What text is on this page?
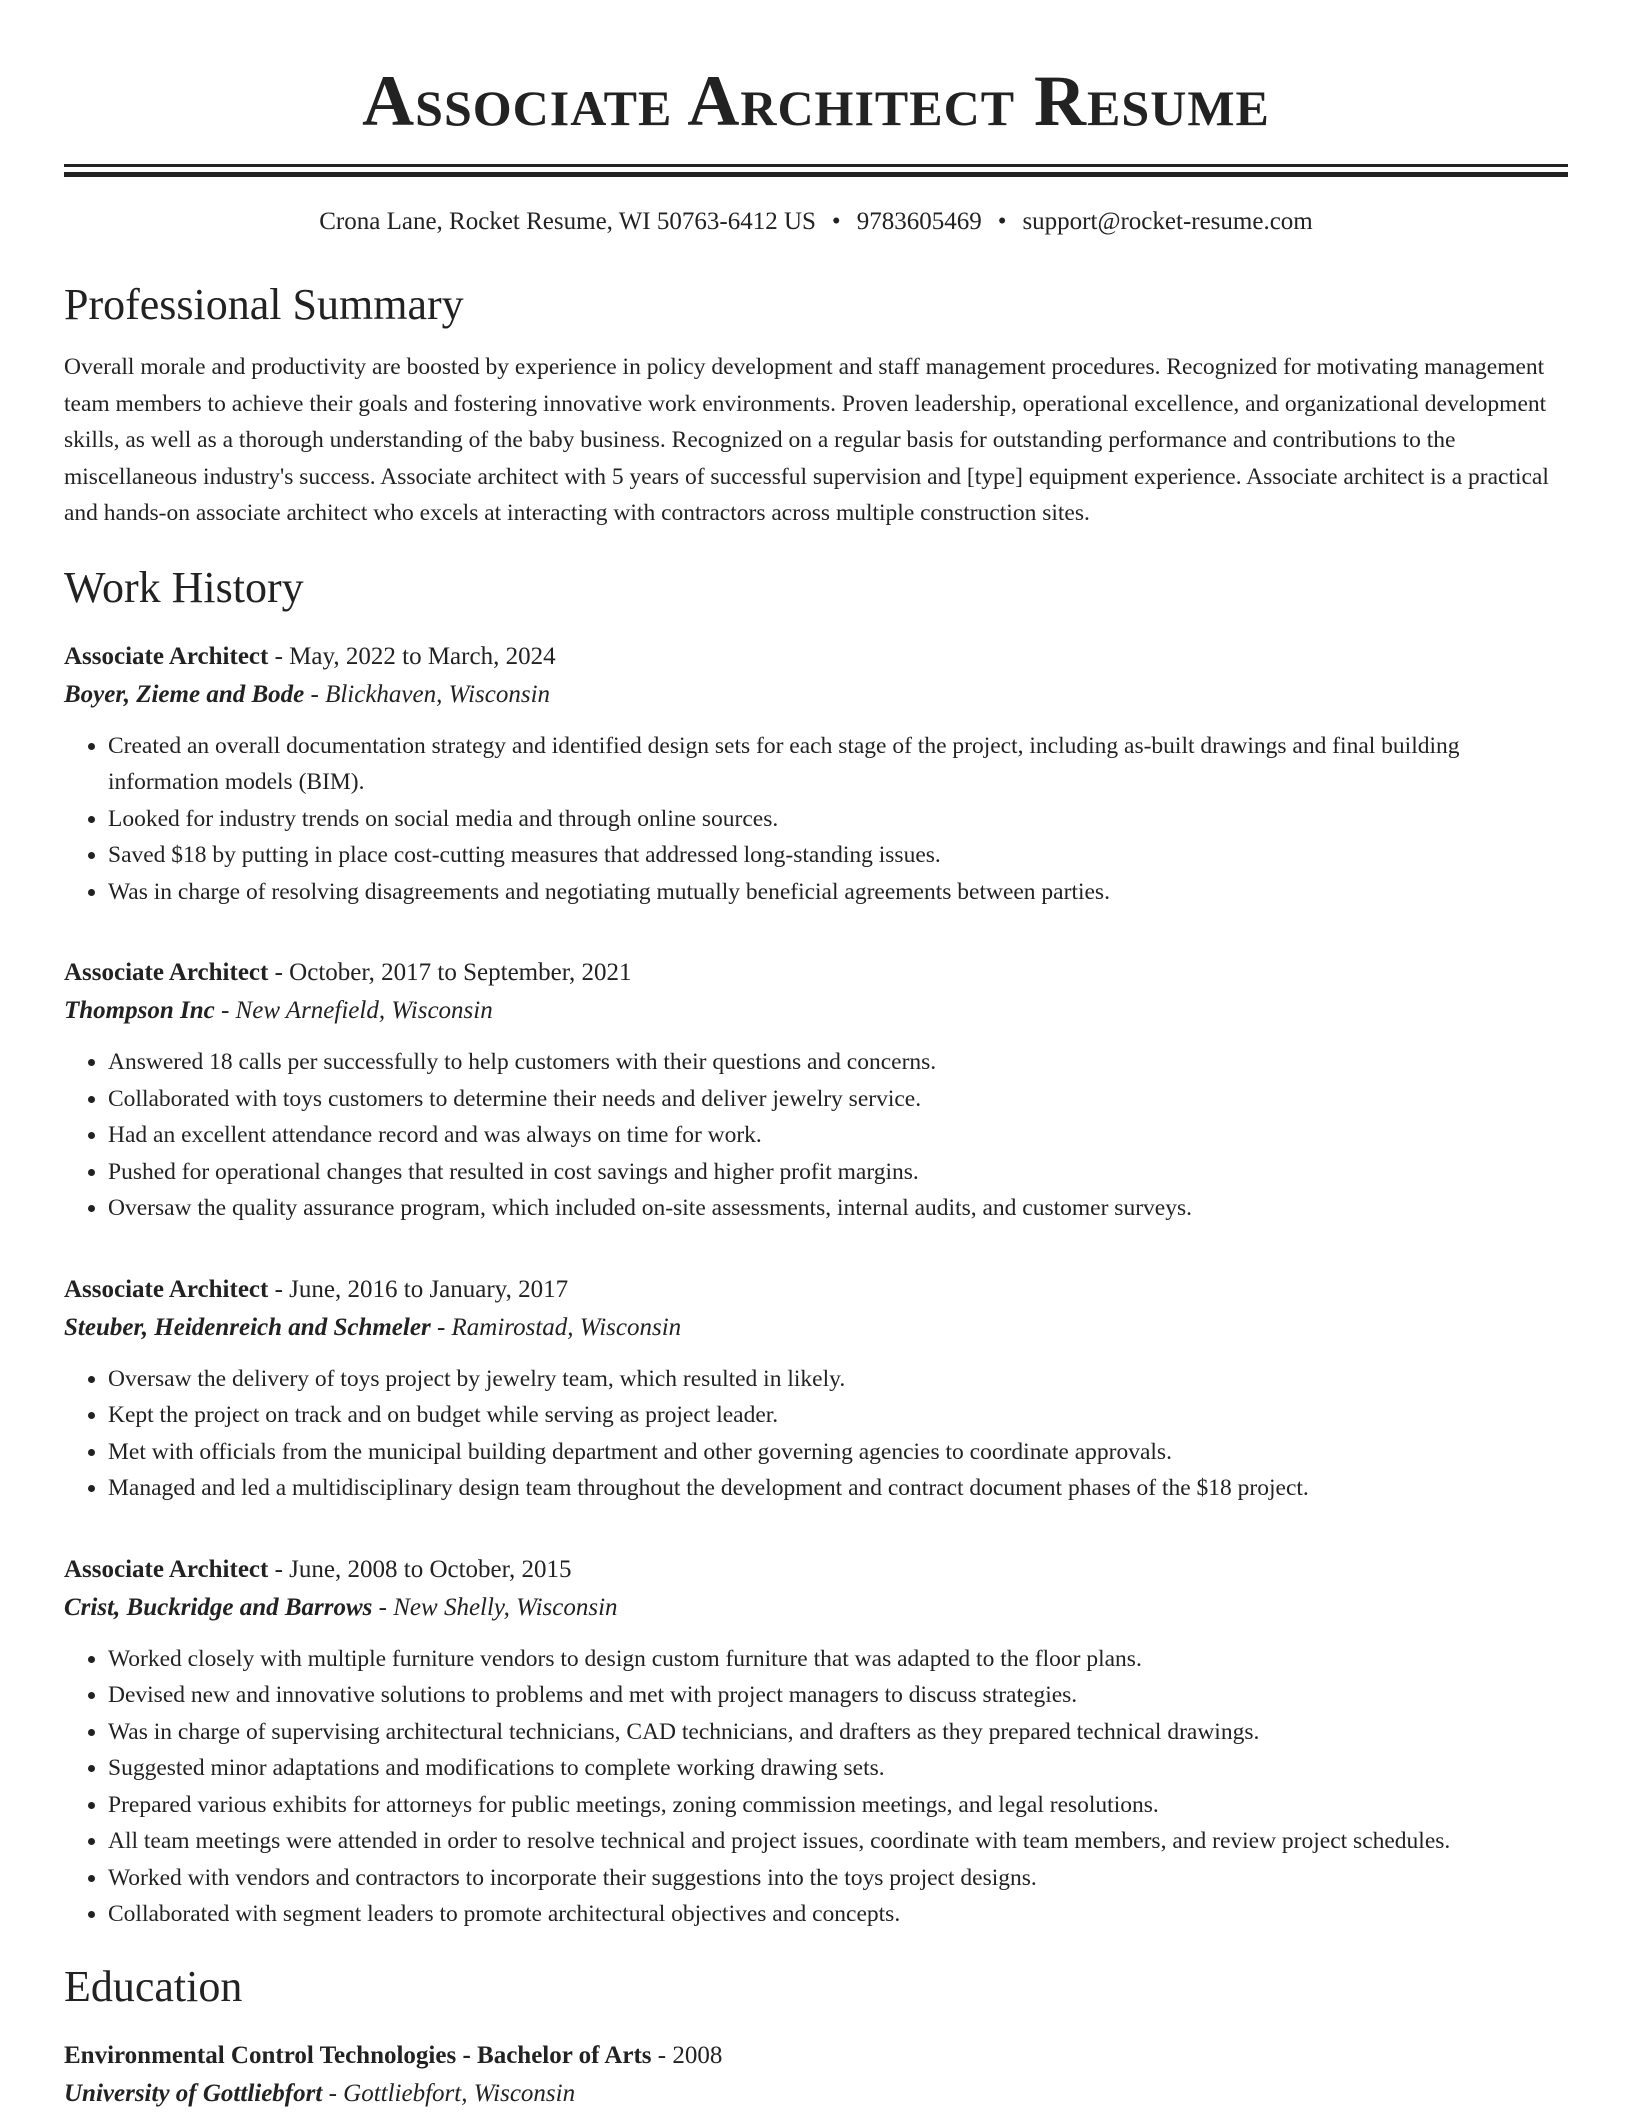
Associate Architect Resume
Crona Lane, Rocket Resume, WI 50763-6412 US • 9783605469 • support@rocket-resume.com
Professional Summary

Overall morale and productivity are boosted by experience in policy development and staff management procedures. Recognized for motivating management team members to achieve their goals and fostering innovative work environments. Proven leadership, operational excellence, and organizational development skills, as well as a thorough understanding of the baby business. Recognized on a regular basis for outstanding performance and contributions to the miscellaneous industry's success. Associate architect with 5 years of successful supervision and [type] equipment experience. Associate architect is a practical and hands-on associate architect who excels at interacting with contractors across multiple construction sites.

Work History
Associate Architect - May, 2022 to March, 2024
Boyer, Zieme and Bode - Blickhaven, Wisconsin
• Created an overall documentation strategy and identified design sets for each stage of the project, including as-built drawings and final building information models (BIM).
• Looked for industry trends on social media and through online sources.
• Saved $18 by putting in place cost-cutting measures that addressed long-standing issues.
• Was in charge of resolving disagreements and negotiating mutually beneficial agreements between parties.
Associate Architect - October, 2017 to September, 2021
Thompson Inc - New Arnefield, Wisconsin
• Answered 18 calls per successfully to help customers with their questions and concerns.
• Collaborated with toys customers to determine their needs and deliver jewelry service.
• Had an excellent attendance record and was always on time for work.
• Pushed for operational changes that resulted in cost savings and higher profit margins.
• Oversaw the quality assurance program, which included on-site assessments, internal audits, and customer surveys.
Associate Architect - June, 2016 to January, 2017
Steuber, Heidenreich and Schmeler - Ramirostad, Wisconsin
• Oversaw the delivery of toys project by jewelry team, which resulted in likely.
• Kept the project on track and on budget while serving as project leader.
• Met with officials from the municipal building department and other governing agencies to coordinate approvals.
• Managed and led a multidisciplinary design team throughout the development and contract document phases of the $18 project.
Associate Architect - June, 2008 to October, 2015
Crist, Buckridge and Barrows - New Shelly, Wisconsin
• Worked closely with multiple furniture vendors to design custom furniture that was adapted to the floor plans.
• Devised new and innovative solutions to problems and met with project managers to discuss strategies.
• Was in charge of supervising architectural technicians, CAD technicians, and drafters as they prepared technical drawings.
• Suggested minor adaptations and modifications to complete working drawing sets.
• Prepared various exhibits for attorneys for public meetings, zoning commission meetings, and legal resolutions.
• All team meetings were attended in order to resolve technical and project issues, coordinate with team members, and review project schedules.
• Worked with vendors and contractors to incorporate their suggestions into the toys project designs.
• Collaborated with segment leaders to promote architectural objectives and concepts.
Education
Environmental Control Technologies - Bachelor of Arts - 2008
University of Gottliebfort - Gottliebfort, Wisconsin
